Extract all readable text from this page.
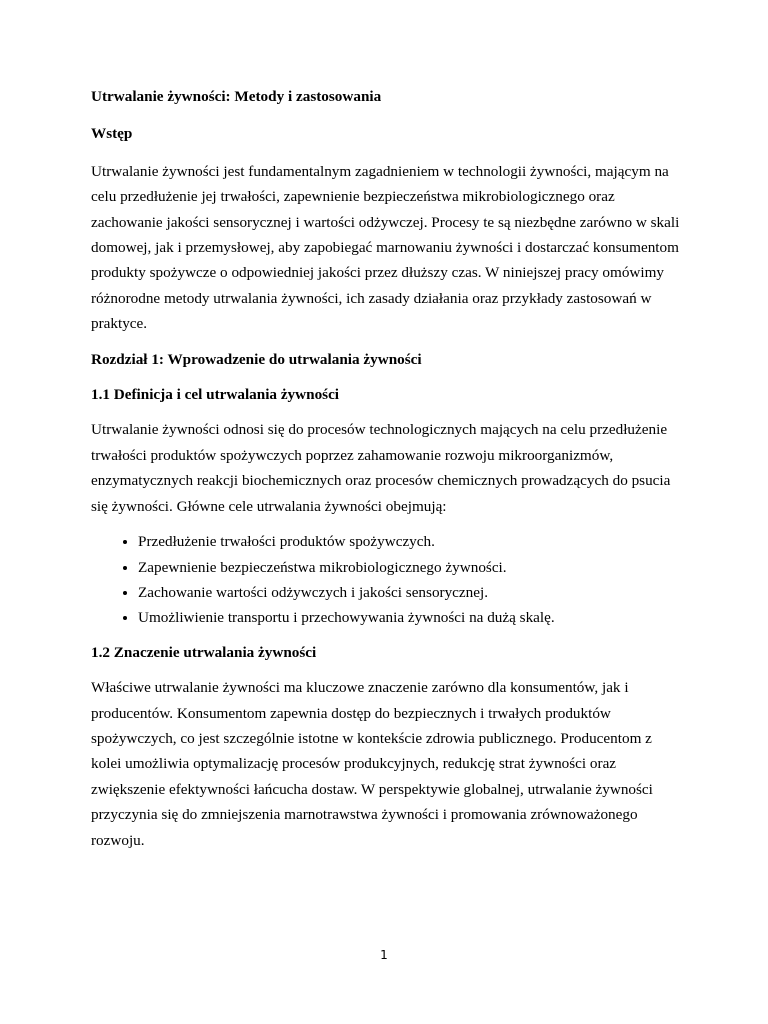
Utrwalanie żywności: Metody i zastosowania
Wstęp

Utrwalanie żywności jest fundamentalnym zagadnieniem w technologii żywności, mającym na celu przedłużenie jej trwałości, zapewnienie bezpieczeństwa mikrobiologicznego oraz zachowanie jakości sensorycznej i wartości odżywczej. Procesy te są niezbędne zarówno w skali domowej, jak i przemysłowej, aby zapobiegać marnowaniu żywności i dostarczać konsumentom produkty spożywcze o odpowiedniej jakości przez dłuższy czas. W niniejszej pracy omówimy różnorodne metody utrwalania żywności, ich zasady działania oraz przykłady zastosowań w praktyce.

Rozdział 1: Wprowadzenie do utrwalania żywności
1.1 Definicja i cel utrwalania żywności

Utrwalanie żywności odnosi się do procesów technologicznych mających na celu przedłużenie trwałości produktów spożywczych poprzez zahamowanie rozwoju mikroorganizmów, enzymatycznych reakcji biochemicznych oraz procesów chemicznych prowadzących do psucia się żywności. Główne cele utrwalania żywności obejmują:

• Przedłużenie trwałości produktów spożywczych.
• Zapewnienie bezpieczeństwa mikrobiologicznego żywności.
• Zachowanie wartości odżywczych i jakości sensorycznej.
• Umożliwienie transportu i przechowywania żywności na dużą skalę.
1.2 Znaczenie utrwalania żywności

Właściwe utrwalanie żywności ma kluczowe znaczenie zarówno dla konsumentów, jak i producentów. Konsumentom zapewnia dostęp do bezpiecznych i trwałych produktów spożywczych, co jest szczególnie istotne w kontekście zdrowia publicznego. Producentom z kolei umożliwia optymalizację procesów produkcyjnych, redukcję strat żywności oraz zwiększenie efektywności łańcucha dostaw. W perspektywie globalnej, utrwalanie żywności przyczynia się do zmniejszenia marnotrawstwa żywności i promowania zrównoważonego rozwoju.

1
